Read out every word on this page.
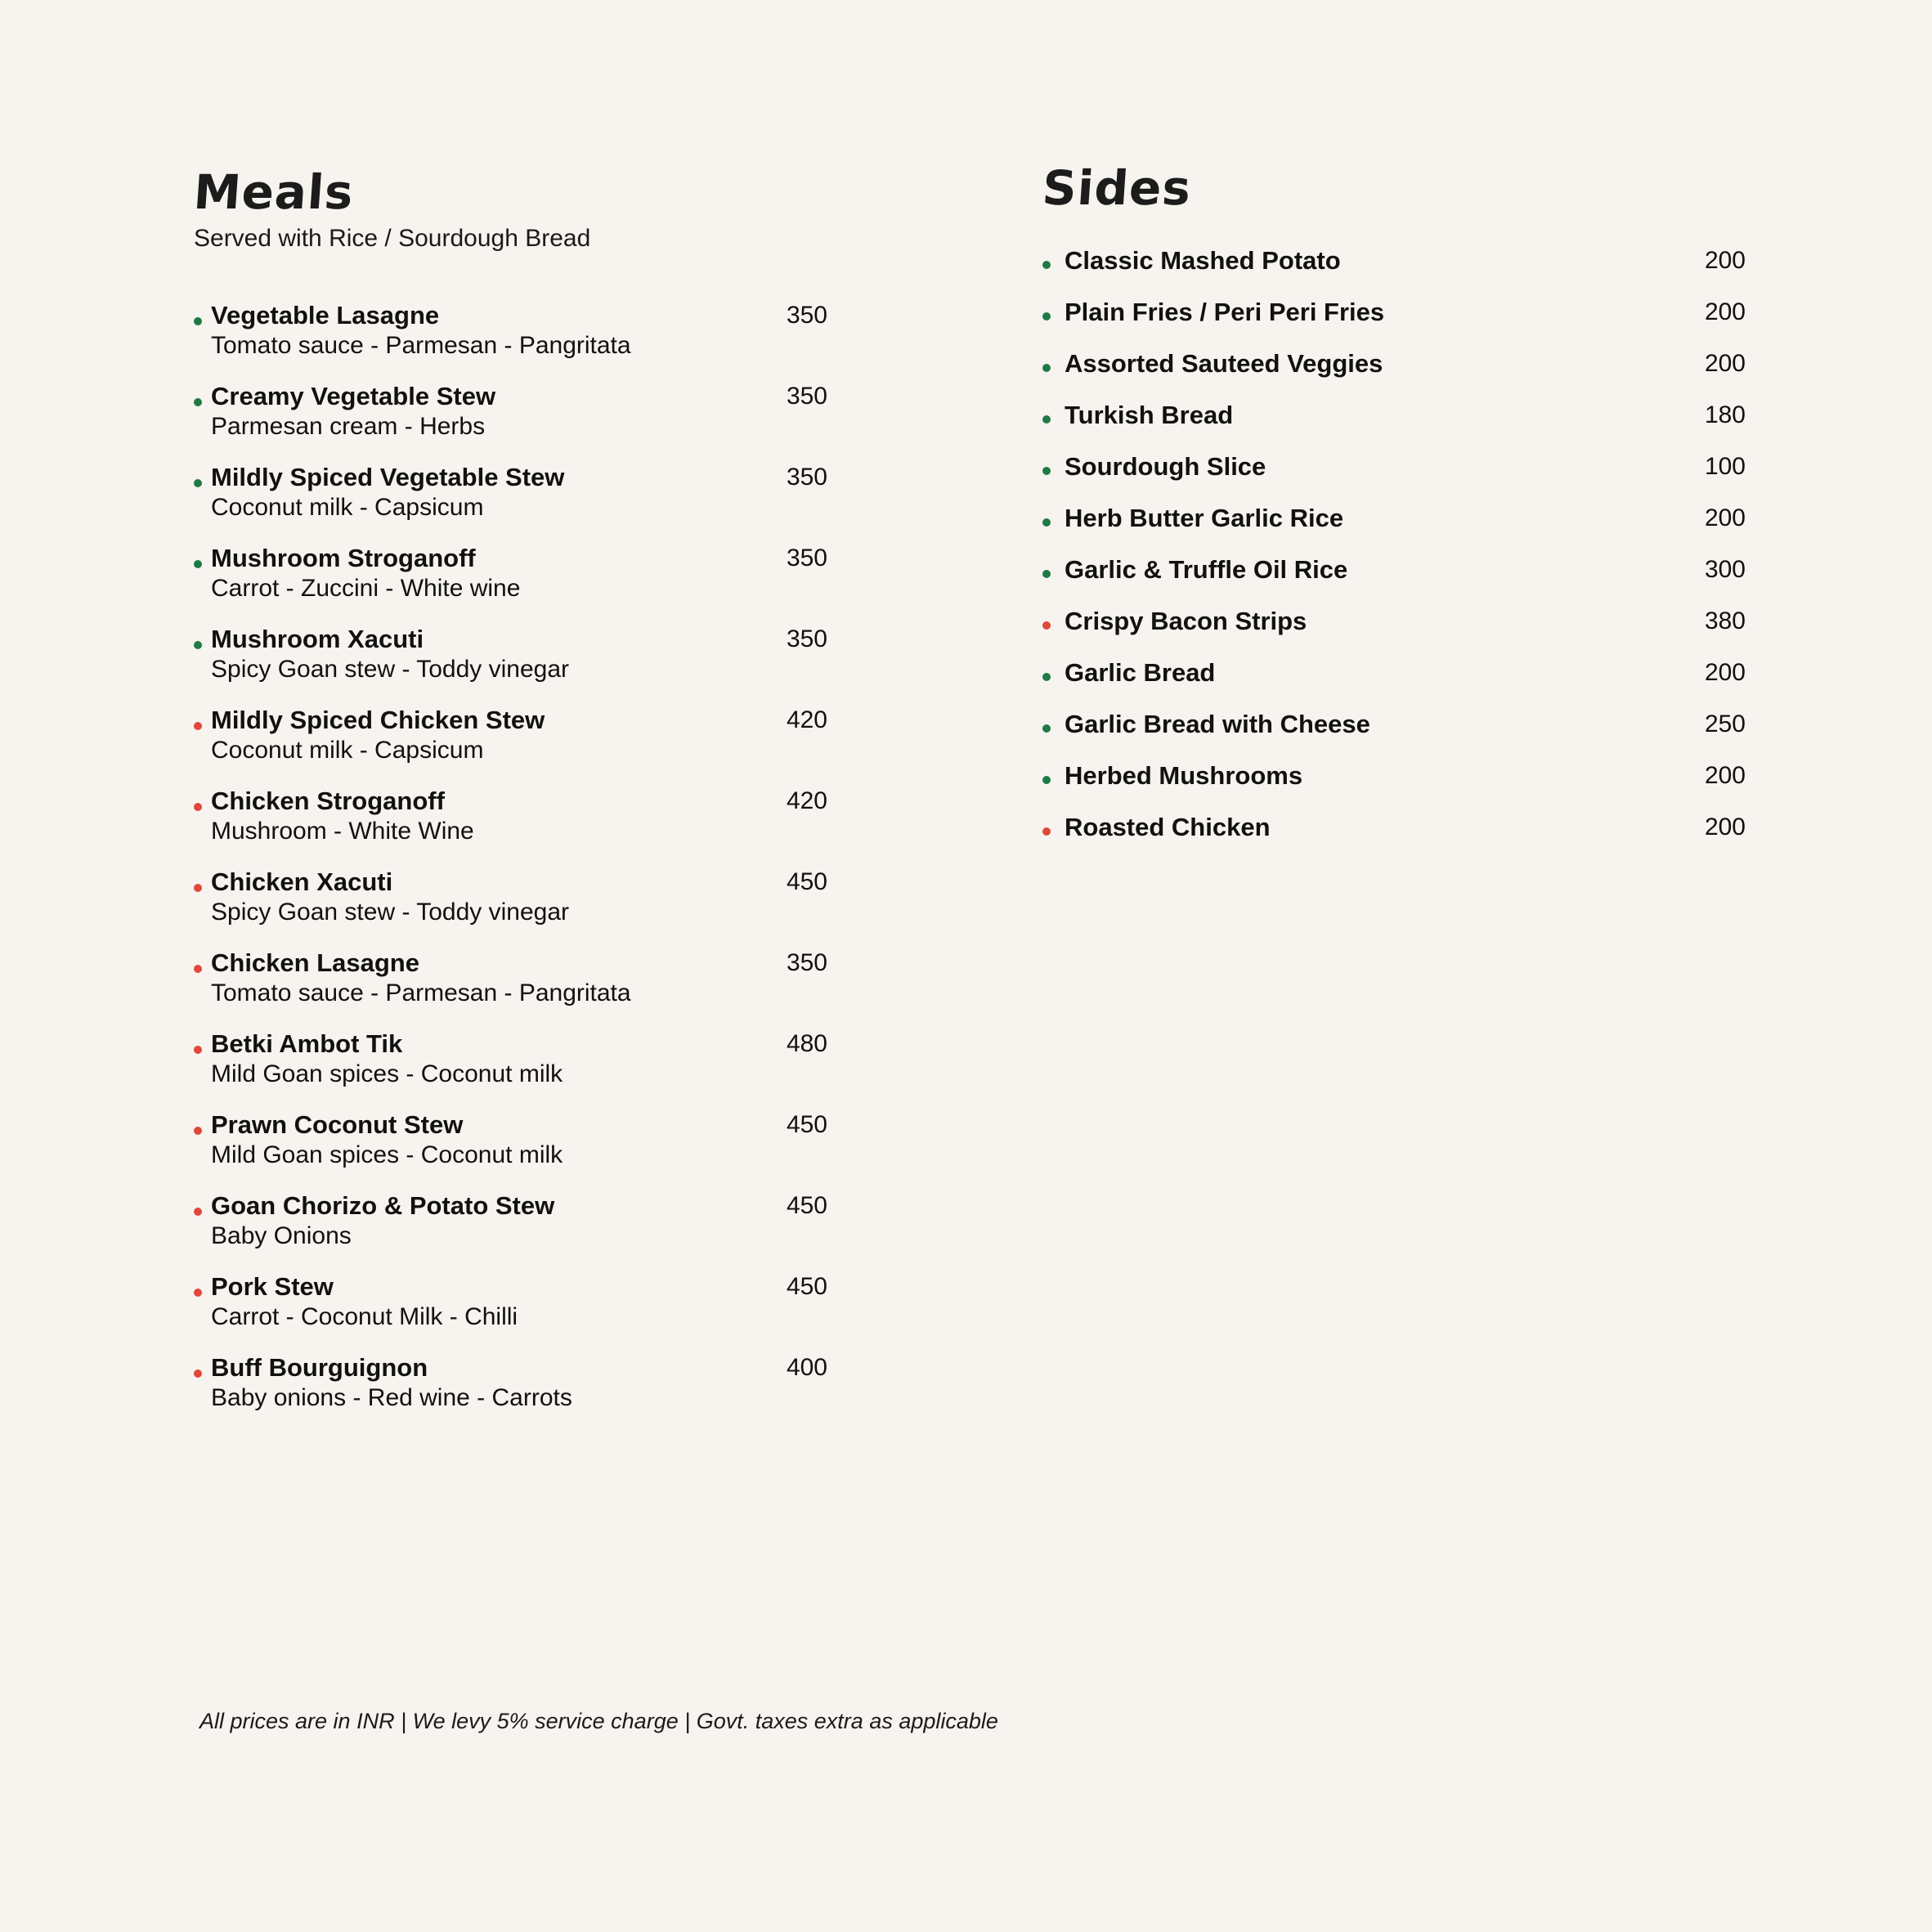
Meals
Served with Rice / Sourdough Bread
Vegetable Lasagne
Tomato sauce - Parmesan - Pangritata
350
Creamy Vegetable Stew
Parmesan cream - Herbs
350
Mildly Spiced Vegetable Stew
Coconut milk - Capsicum
350
Mushroom Stroganoff
Carrot - Zuccini - White wine
350
Mushroom Xacuti
Spicy Goan stew - Toddy vinegar
350
Mildly Spiced Chicken Stew
Coconut milk - Capsicum
420
Chicken Stroganoff
Mushroom - White Wine
420
Chicken Xacuti
Spicy Goan stew - Toddy vinegar
450
Chicken Lasagne
Tomato sauce - Parmesan - Pangritata
350
Betki Ambot Tik
Mild Goan spices - Coconut milk
480
Prawn Coconut Stew
Mild Goan spices - Coconut milk
450
Goan Chorizo & Potato Stew
Baby Onions
450
Pork Stew
Carrot - Coconut Milk - Chilli
450
Buff Bourguignon
Baby onions - Red wine - Carrots
400
Sides
Classic Mashed Potato	200
Plain Fries / Peri Peri Fries	200
Assorted Sauteed Veggies	200
Turkish Bread	180
Sourdough Slice	100
Herb Butter Garlic Rice	200
Garlic & Truffle Oil Rice	300
Crispy Bacon Strips	380
Garlic Bread	200
Garlic Bread with Cheese	250
Herbed Mushrooms	200
Roasted Chicken	200
All prices are in INR | We levy 5% service charge | Govt. taxes extra as applicable
